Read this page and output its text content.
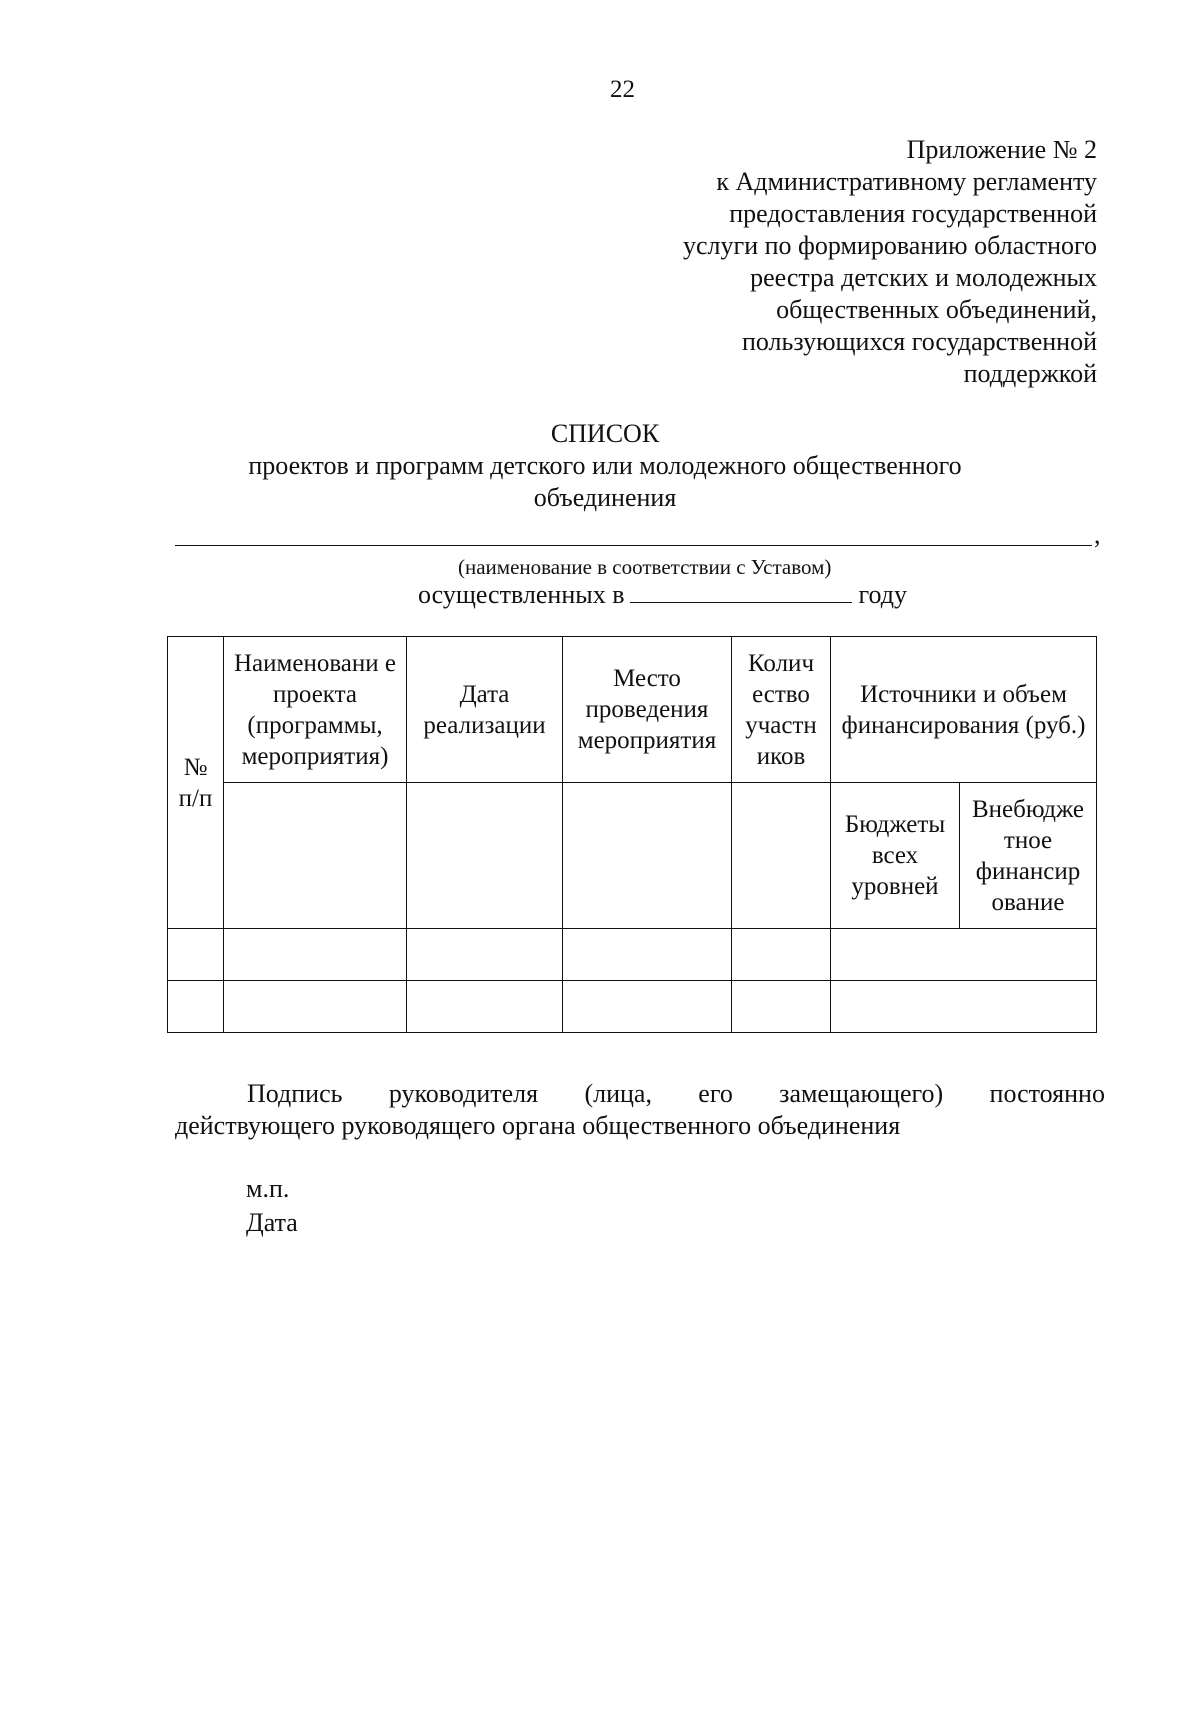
22
Приложение № 2
к Административному регламенту
предоставления государственной
услуги по формированию областного
реестра детских и молодежных
общественных объединений,
пользующихся государственной
поддержкой
СПИСОК
проектов и программ детского или молодежного общественного
объединения
,
(наименование в соответствии с Уставом)
осуществленных в	году
№ п/п	Наименовани е проекта (программы, мероприятия)	Дата реализации	Место проведения мероприятия	Колич ество участн иков	Источники и объем финансирования (руб.)	
					Бюджеты всех уровней	Внебюдже тное финансир ование

Подпись руководителя (лица, его замещающего) постоянно
действующего руководящего органа общественного объединения
м.п.
Дата
